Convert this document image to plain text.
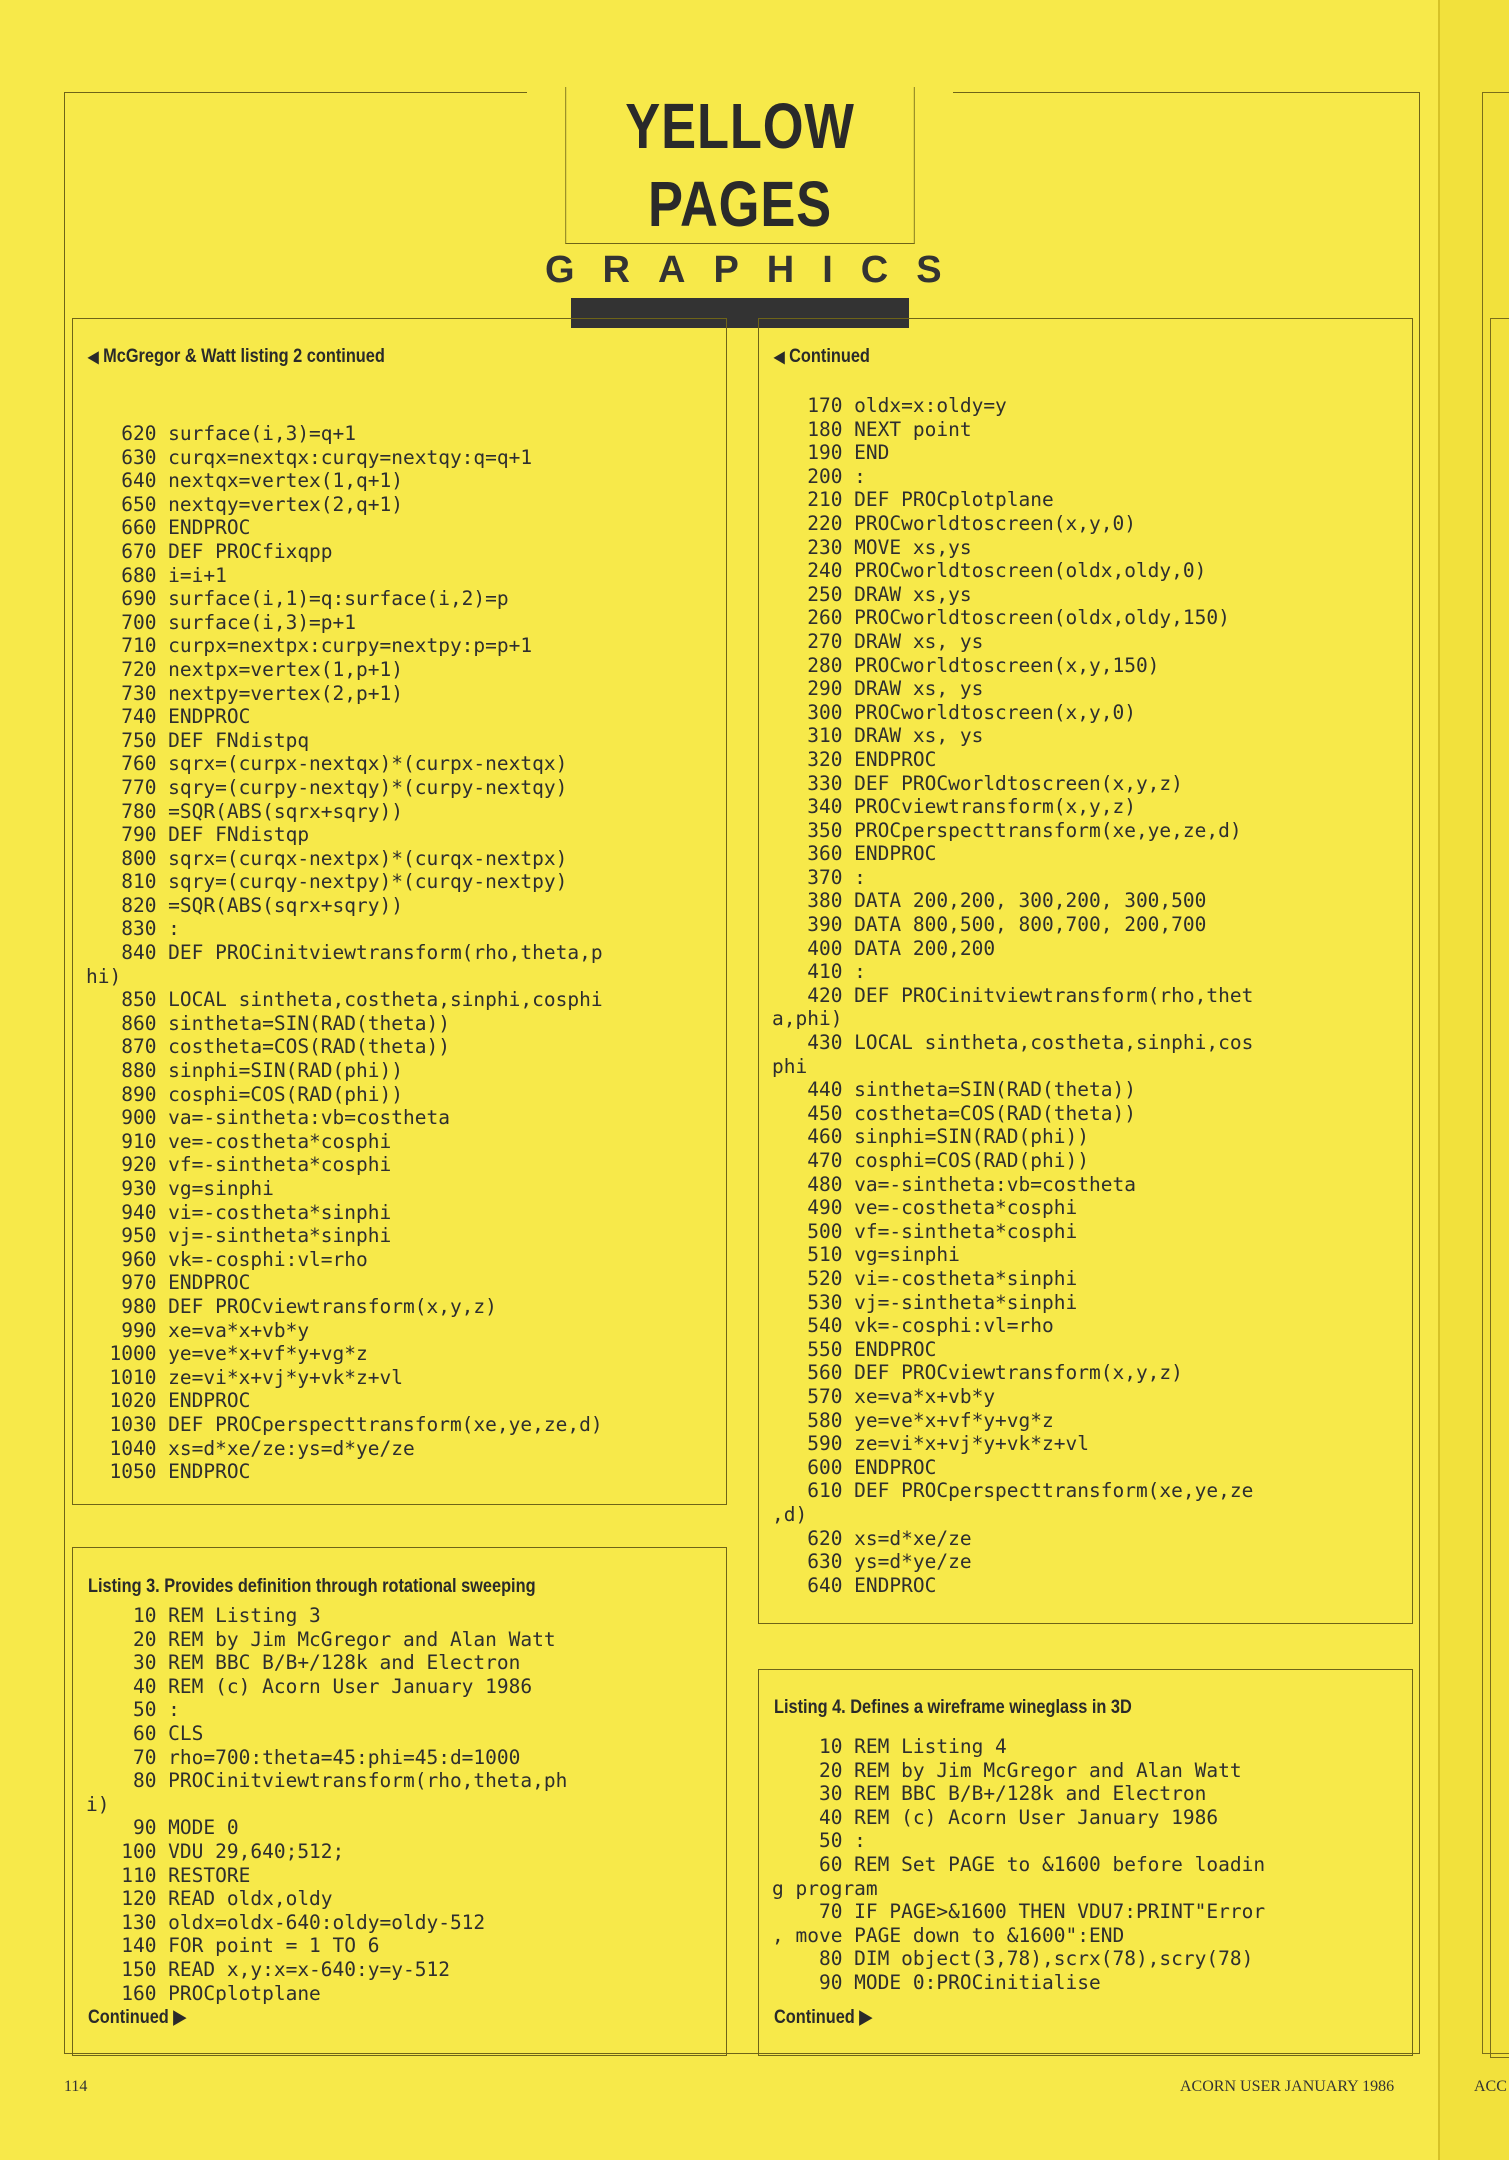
ACC
YELLOW PAGES
GRAPHICS
◀ McGregor & Watt listing 2 continued
620 surface(i,3)=q+1
630 curqx=nextqx:curqy=nextqy:q=q+1
640 nextqx=vertex(1,q+1)
650 nextqy=vertex(2,q+1)
660 ENDPROC
670 DEF PROCfixqpp
680 i=i+1
690 surface(i,1)=q:surface(i,2)=p
700 surface(i,3)=p+1
710 curpx=nextpx:curpy=nextpy:p=p+1
720 nextpx=vertex(1,p+1)
730 nextpy=vertex(2,p+1)
740 ENDPROC
750 DEF FNdistpq
760 sqrx=(curpx-nextqx)*(curpx-nextqx)
770 sqry=(curpy-nextqy)*(curpy-nextqy)
780 =SQR(ABS(sqrx+sqry))
790 DEF FNdistqp
800 sqrx=(curqx-nextpx)*(curqx-nextpx)
810 sqry=(curqy-nextpy)*(curqy-nextpy)
820 =SQR(ABS(sqrx+sqry))
830 :
840 DEF PROCinitviewtransform(rho,theta,p
hi)
850 LOCAL sintheta,costheta,sinphi,cosphi
860 sintheta=SIN(RAD(theta))
870 costheta=COS(RAD(theta))
880 sinphi=SIN(RAD(phi))
890 cosphi=COS(RAD(phi))
900 va=-sintheta:vb=costheta
910 ve=-costheta*cosphi
920 vf=-sintheta*cosphi
930 vg=sinphi
940 vi=-costheta*sinphi
950 vj=-sintheta*sinphi
960 vk=-cosphi:vl=rho
970 ENDPROC
980 DEF PROCviewtransform(x,y,z)
990 xe=va*x+vb*y
1000 ye=ve*x+vf*y+vg*z
1010 ze=vi*x+vj*y+vk*z+vl
1020 ENDPROC
1030 DEF PROCperspecttransform(xe,ye,ze,d)
1040 xs=d*xe/ze:ys=d*ye/ze
1050 ENDPROC
Listing 3. Provides definition through rotational sweeping
10 REM Listing 3
20 REM by Jim McGregor and Alan Watt
30 REM BBC B/B+/128k and Electron
40 REM (c) Acorn User January 1986
50 :
60 CLS
70 rho=700:theta=45:phi=45:d=1000
80 PROCinitviewtransform(rho,theta,ph
i)
90 MODE 0
100 VDU 29,640;512;
110 RESTORE
120 READ oldx,oldy
130 oldx=oldx-640:oldy=oldy-512
140 FOR point = 1 TO 6
150 READ x,y:x=x-640:y=y-512
160 PROCplotplane
Continued ▶
◀ Continued
170 oldx=x:oldy=y
180 NEXT point
190 END
200 :
210 DEF PROCplotplane
220 PROCworldtoscreen(x,y,0)
230 MOVE xs,ys
240 PROCworldtoscreen(oldx,oldy,0)
250 DRAW xs,ys
260 PROCworldtoscreen(oldx,oldy,150)
270 DRAW xs, ys
280 PROCworldtoscreen(x,y,150)
290 DRAW xs, ys
300 PROCworldtoscreen(x,y,0)
310 DRAW xs, ys
320 ENDPROC
330 DEF PROCworldtoscreen(x,y,z)
340 PROCviewtransform(x,y,z)
350 PROCperspecttransform(xe,ye,ze,d)
360 ENDPROC
370 :
380 DATA 200,200, 300,200, 300,500
390 DATA 800,500, 800,700, 200,700
400 DATA 200,200
410 :
420 DEF PROCinitviewtransform(rho,thet
a,phi)
430 LOCAL sintheta,costheta,sinphi,cos
phi
440 sintheta=SIN(RAD(theta))
450 costheta=COS(RAD(theta))
460 sinphi=SIN(RAD(phi))
470 cosphi=COS(RAD(phi))
480 va=-sintheta:vb=costheta
490 ve=-costheta*cosphi
500 vf=-sintheta*cosphi
510 vg=sinphi
520 vi=-costheta*sinphi
530 vj=-sintheta*sinphi
540 vk=-cosphi:vl=rho
550 ENDPROC
560 DEF PROCviewtransform(x,y,z)
570 xe=va*x+vb*y
580 ye=ve*x+vf*y+vg*z
590 ze=vi*x+vj*y+vk*z+vl
600 ENDPROC
610 DEF PROCperspecttransform(xe,ye,ze
,d)
620 xs=d*xe/ze
630 ys=d*ye/ze
640 ENDPROC
Listing 4. Defines a wireframe wineglass in 3D
10 REM Listing 4
20 REM by Jim McGregor and Alan Watt
30 REM BBC B/B+/128k and Electron
40 REM (c) Acorn User January 1986
50 :
60 REM Set PAGE to &1600 before loadin
g program
70 IF PAGE>&1600 THEN VDU7:PRINT"Error
, move PAGE down to &1600":END
80 DIM object(3,78),scrx(78),scry(78)
90 MODE 0:PROCinitialise
Continued ▶
114	ACORN USER JANUARY 1986
